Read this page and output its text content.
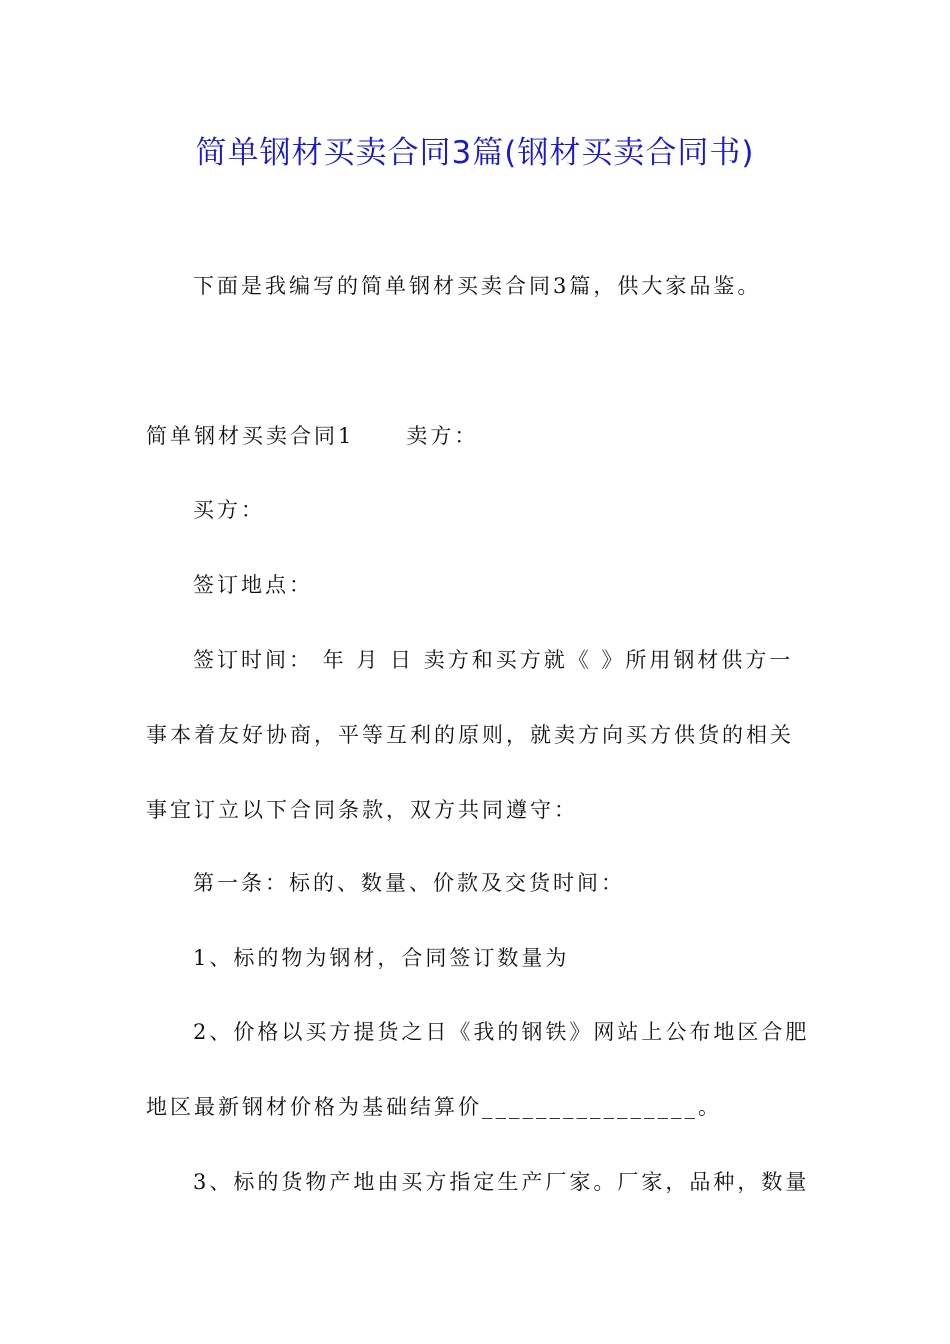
简单钢材买卖合同3篇(钢材买卖合同书)
下面是我编写的简单钢材买卖合同3篇，供大家品鉴。
简单钢材买卖合同1 卖方：
买方：
签订地点：
签订时间： 年 月 日 卖方和买方就《 》所用钢材供方一
事本着友好协商，平等互利的原则，就卖方向买方供货的相关
事宜订立以下合同条款，双方共同遵守：
第一条：标的、数量、价款及交货时间：
1、标的物为钢材，合同签订数量为
2、价格以买方提货之日《我的钢铁》网站上公布地区合肥
地区最新钢材价格为基础结算价________________。
3、标的货物产地由买方指定生产厂家。厂家，品种，数量
